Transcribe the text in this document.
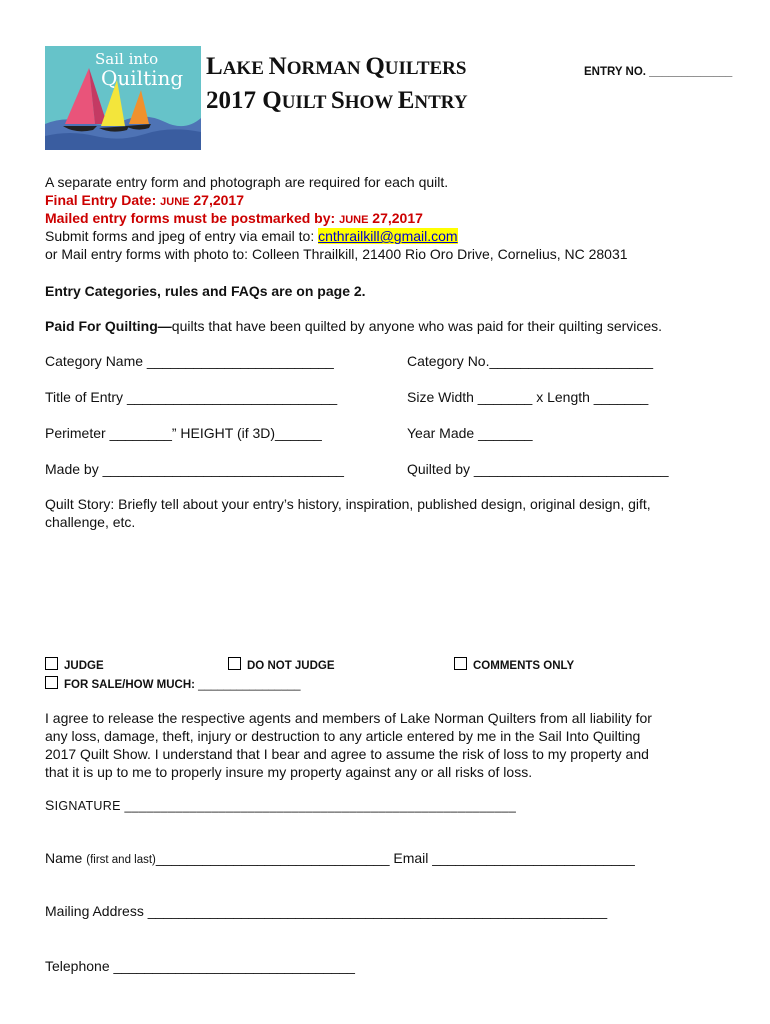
Sail into
Quilting LAKE NORMAN QUILTERS
2017 QUILT SHOW ENTRY
ENTRY NO. _____________
A separate entry form and photograph are required for each quilt.
Final Entry Date: JUNE 27,2017
Mailed entry forms must be postmarked by: JUNE 27,2017
Submit forms and jpeg of entry via email to: cnthrailkill@gmail.com
or Mail entry forms with photo to: Colleen Thrailkill, 21400 Rio Oro Drive, Cornelius, NC 28031
Entry Categories, rules and FAQs are on page 2.
Paid For Quilting—quilts that have been quilted by anyone who was paid for their quilting services.
Category Name ________________________	Category No._____________________
Title of Entry ___________________________	Size Width _______ x Length _______
Perimeter ________” HEIGHT (if 3D)______	Year Made _______
Made by _______________________________	Quilted by _________________________
Quilt Story: Briefly tell about your entry’s history, inspiration, published design, original design, gift,
challenge, etc.
JUDGE	DO NOT JUDGE	COMMENTS ONLY
FOR SALE/HOW MUCH: ________________
I agree to release the respective agents and members of Lake Norman Quilters from all liability for
any loss, damage, theft, injury or destruction to any article entered by me in the Sail Into Quilting
2017 Quilt Show. I understand that I bear and agree to assume the risk of loss to my property and
that it is up to me to properly insure my property against any or all risks of loss.
SIGNATURE ______________________________________________________
Name (first and last)______________________________ Email __________________________
Mailing Address ___________________________________________________________
Telephone _______________________________
